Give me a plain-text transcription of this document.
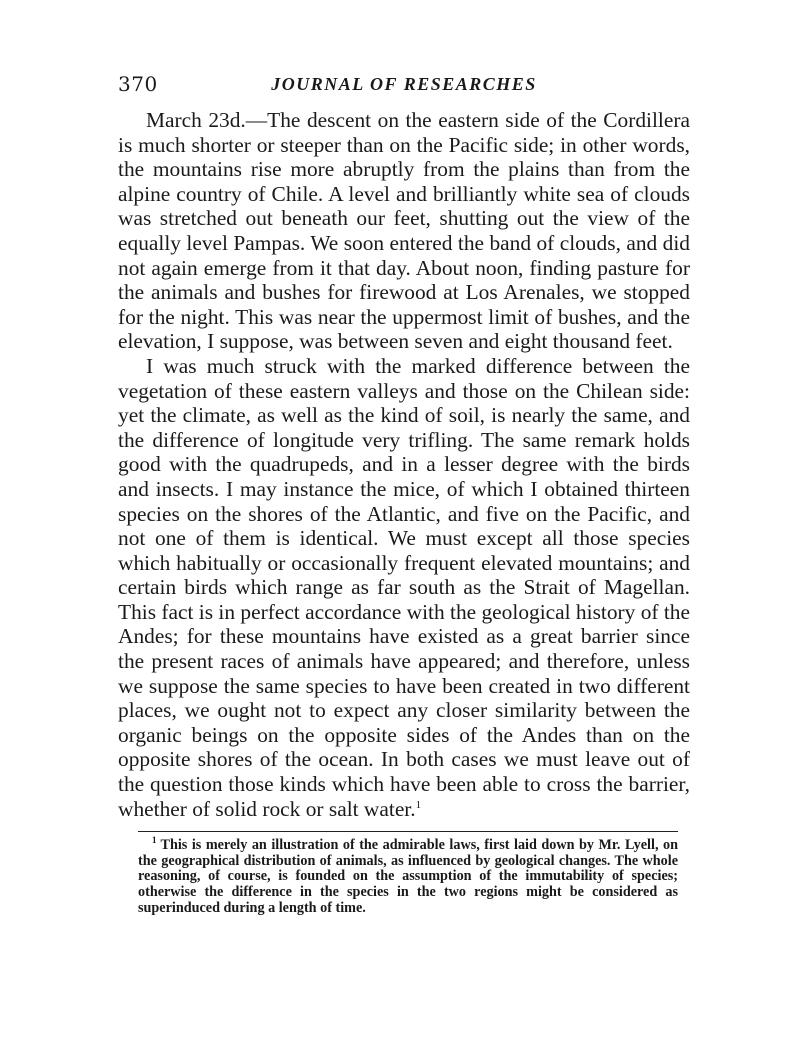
370	JOURNAL OF RESEARCHES

March 23d.—The descent on the eastern side of the Cordillera is much shorter or steeper than on the Pacific side; in other words, the mountains rise more abruptly from the plains than from the alpine country of Chile. A level and brilliantly white sea of clouds was stretched out beneath our feet, shutting out the view of the equally level Pampas. We soon entered the band of clouds, and did not again emerge from it that day. About noon, finding pasture for the animals and bushes for firewood at Los Arenales, we stopped for the night. This was near the uppermost limit of bushes, and the elevation, I suppose, was between seven and eight thousand feet.

I was much struck with the marked difference between the vegetation of these eastern valleys and those on the Chilean side: yet the climate, as well as the kind of soil, is nearly the same, and the difference of longitude very trifling. The same remark holds good with the quadrupeds, and in a lesser degree with the birds and insects. I may instance the mice, of which I obtained thirteen species on the shores of the Atlantic, and five on the Pacific, and not one of them is identical. We must except all those species which habitually or occasionally frequent elevated mountains; and certain birds which range as far south as the Strait of Magellan. This fact is in perfect accordance with the geological history of the Andes; for these mountains have existed as a great barrier since the present races of animals have appeared; and therefore, unless we suppose the same species to have been created in two different places, we ought not to expect any closer similarity between the organic beings on the opposite sides of the Andes than on the opposite shores of the ocean. In both cases we must leave out of the question those kinds which have been able to cross the barrier, whether of solid rock or salt water.$^1$

$^1$ This is merely an illustration of the admirable laws, first laid down by Mr. Lyell, on the geographical distribution of animals, as influenced by geological changes. The whole reasoning, of course, is founded on the assumption of the immutability of species; otherwise the difference in the species in the two regions might be considered as superinduced during a length of time.
